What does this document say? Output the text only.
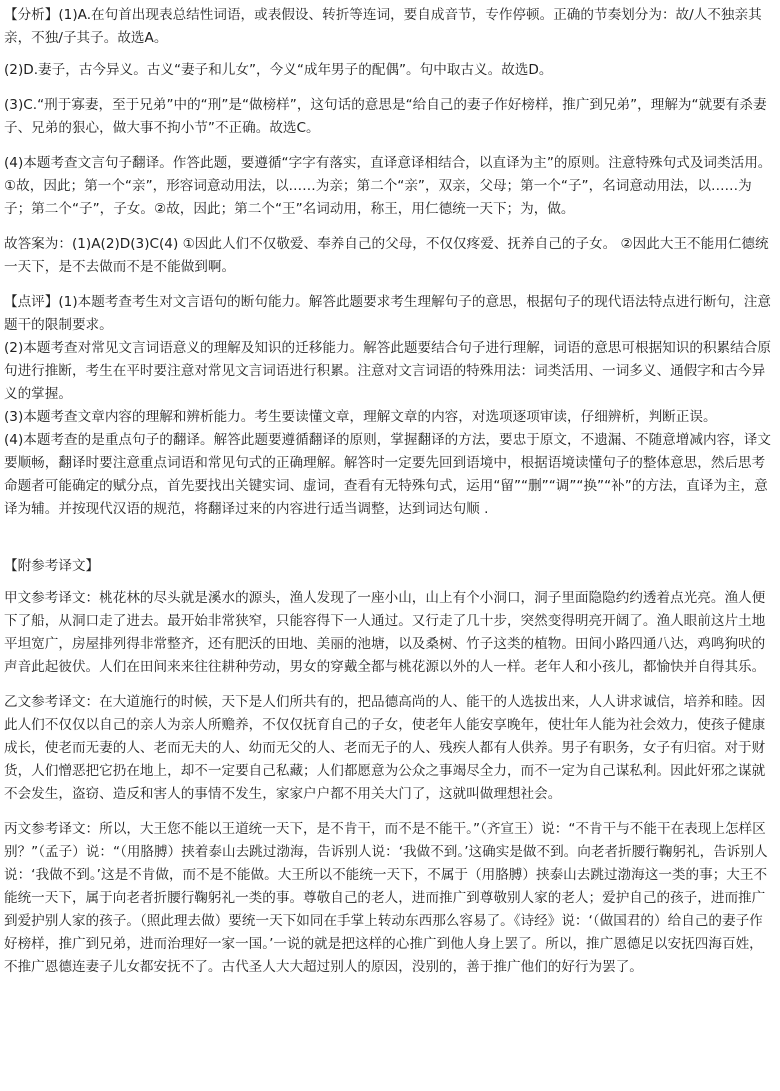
【分析】(1)A.在句首出现表总结性词语，或表假设、转折等连词，要自成音节，专作停顿。正确的节奏划分为：故/人不独亲其亲，不独/子其子。故选A。

(2)D.妻子，古今异义。古义“妻子和儿女”，今义“成年男子的配偶”。句中取古义。故选D。

(3)C.“刑于寡妻，至于兄弟”中的“刑”是“做榜样”，这句话的意思是“给自己的妻子作好榜样，推广到兄弟”，理解为“就要有杀妻子、兄弟的狠心，做大事不拘小节”不正确。故选C。

(4)本题考查文言句子翻译。作答此题，要遵循“字字有落实，直译意译相结合，以直译为主”的原则。注意特殊句式及词类活用。①故，因此；第一个“亲”，形容词意动用法，以……为亲；第二个“亲”，双亲，父母；第一个“子”，名词意动用法，以……为子；第二个“子”，子女。②故，因此；第二个“王”名词动用，称王，用仁德统一天下；为，做。

故答案为：(1)A(2)D(3)C(4) ①因此人们不仅敬爱、奉养自己的父母，不仅仅疼爱、抚养自己的子女。 ②因此大王不能用仁德统一天下，是不去做而不是不能做到啊。

【点评】(1)本题考查考生对文言语句的断句能力。解答此题要求考生理解句子的意思，根据句子的现代语法特点进行断句，注意题干的限制要求。

(2)本题考查对常见文言词语意义的理解及知识的迁移能力。解答此题要结合句子进行理解，词语的意思可根据知识的积累结合原句进行推断，考生在平时要注意对常见文言词语进行积累。注意对文言词语的特殊用法：词类活用、一词多义、通假字和古今异义的掌握。

(3)本题考查文章内容的理解和辨析能力。考生要读懂文章，理解文章的内容，对选项逐项审读，仔细辨析，判断正误。

(4)本题考查的是重点句子的翻译。解答此题要遵循翻译的原则，掌握翻译的方法，要忠于原文，不遗漏、不随意增减内容，译文要顺畅，翻译时要注意重点词语和常见句式的正确理解。解答时一定要先回到语境中，根据语境读懂句子的整体意思，然后思考命题者可能确定的赋分点，首先要找出关键实词、虚词，查看有无特殊句式，运用“留”“删”“调”“换”“补”的方法，直译为主，意译为辅。并按现代汉语的规范，将翻译过来的内容进行适当调整，达到词达句顺 .

【附参考译文】

甲文参考译文：桃花林的尽头就是溪水的源头，渔人发现了一座小山，山上有个小洞口，洞子里面隐隐约约透着点光亮。渔人便下了船，从洞口走了进去。最开始非常狭窄，只能容得下一人通过。又行走了几十步，突然变得明亮开阔了。渔人眼前这片土地平坦宽广，房屋排列得非常整齐，还有肥沃的田地、美丽的池塘，以及桑树、竹子这类的植物。田间小路四通八达，鸡鸣狗吠的声音此起彼伏。人们在田间来来往往耕种劳动，男女的穿戴全都与桃花源以外的人一样。老年人和小孩儿，都愉快并自得其乐。

乙文参考译文：在大道施行的时候，天下是人们所共有的，把品德高尚的人、能干的人选拔出来，人人讲求诚信，培养和睦。因此人们不仅仅以自己的亲人为亲人所赡养，不仅仅抚育自己的子女，使老年人能安享晚年，使壮年人能为社会效力，使孩子健康成长，使老而无妻的人、老而无夫的人、幼而无父的人、老而无子的人、残疾人都有人供养。男子有职务，女子有归宿。对于财货，人们憎恶把它扔在地上，却不一定要自己私藏；人们都愿意为公众之事竭尽全力，而不一定为自己谋私利。因此奸邪之谋就不会发生，盗窃、造反和害人的事情不发生，家家户户都不用关大门了，这就叫做理想社会。

丙文参考译文：所以，大王您不能以王道统一天下，是不肯干，而不是不能干。”（齐宣王）说：“不肯干与不能干在表现上怎样区别？”（孟子）说：“（用胳膊）挟着泰山去跳过渤海，告诉别人说：‘我做不到。’这确实是做不到。向老者折腰行鞠躬礼，告诉别人说：‘我做不到。’这是不肯做，而不是不能做。大王所以不能统一天下，不属于（用胳膊）挟泰山去跳过渤海这一类的事；大王不能统一天下，属于向老者折腰行鞠躬礼一类的事。尊敬自己的老人，进而推广到尊敬别人家的老人；爱护自己的孩子，进而推广到爱护别人家的孩子。（照此理去做）要统一天下如同在手掌上转动东西那么容易了。《诗经》说：‘（做国君的）给自己的妻子作好榜样，推广到兄弟，进而治理好一家一国。’一说的就是把这样的心推广到他人身上罢了。所以，推广恩德足以安抚四海百姓，不推广恩德连妻子儿女都安抚不了。古代圣人大大超过别人的原因，没别的，善于推广他们的好行为罢了。
